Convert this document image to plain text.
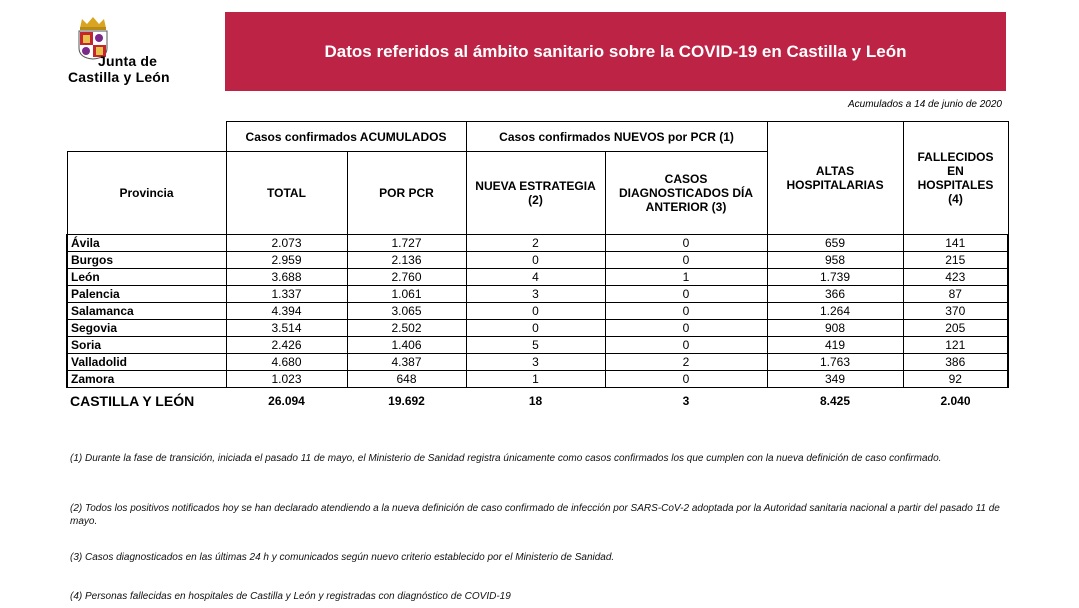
Junta de
Castilla y León
Datos referidos al ámbito sanitario sobre la COVID-19 en Castilla y León
Acumulados a 14 de junio de 2020
	Casos confirmados ACUMULADOS		Casos confirmados NUEVOS por PCR (1)		ALTAS HOSPITALARIAS	FALLECIDOS EN HOSPITALES (4)
Provincia	TOTAL	POR PCR	NUEVA ESTRATEGIA (2)	CASOS DIAGNOSTICADOS DÍA ANTERIOR (3)		
Ávila	2.073	1.727	2	0	659	141
Burgos	2.959	2.136	0	0	958	215
León	3.688	2.760	4	1	1.739	423
Palencia	1.337	1.061	3	0	366	87
Salamanca	4.394	3.065	0	0	1.264	370
Segovia	3.514	2.502	0	0	908	205
Soria	2.426	1.406	5	0	419	121
Valladolid	4.680	4.387	3	2	1.763	386
Zamora	1.023	648	1	0	349	92
CASTILLA Y LEÓN	26.094	19.692	18	3	8.425	2.040
(1) Durante la fase de transición, iniciada el pasado 11 de mayo, el Ministerio de Sanidad registra únicamente como casos confirmados los que cumplen con la nueva definición de caso confirmado.
(2) Todos los positivos notificados hoy se han declarado atendiendo a la nueva definición de caso confirmado de infección por SARS-CoV-2 adoptada por la Autoridad sanitaria nacional a partir del pasado 11 de mayo.
(3) Casos diagnosticados en las últimas 24 h y comunicados según nuevo criterio establecido por el Ministerio de Sanidad.
(4) Personas fallecidas en hospitales de Castilla y León y registradas con diagnóstico de COVID-19
